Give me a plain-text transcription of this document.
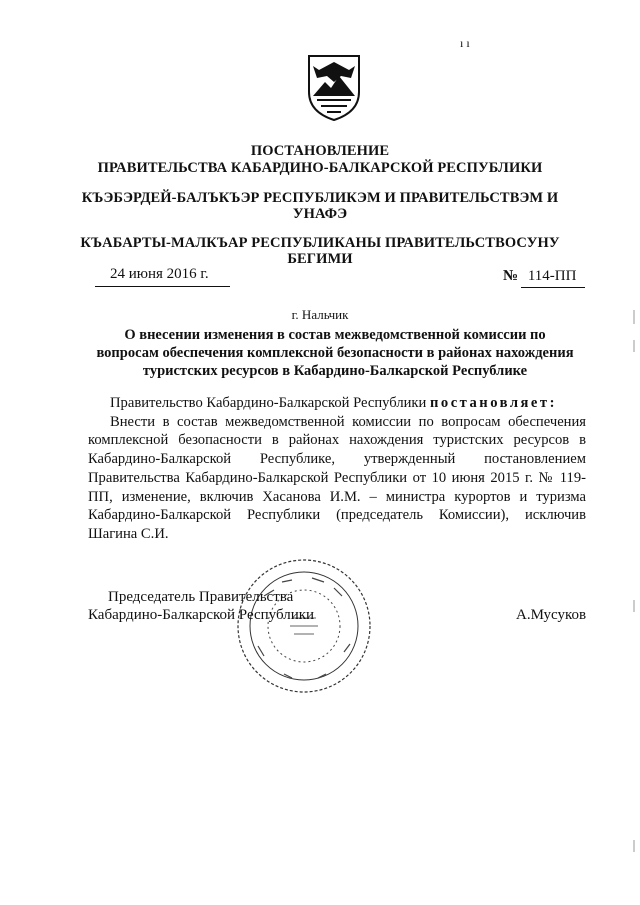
ı ı
ПОСТАНОВЛЕНИЕ
ПРАВИТЕЛЬСТВА КАБАРДИНО-БАЛКАРСКОЙ РЕСПУБЛИКИ
КЪЭБЭРДЕЙ-БАЛЪКЪЭР РЕСПУБЛИКЭМ И ПРАВИТЕЛЬСТВЭМ И
УНАФЭ
КЪАБАРТЫ-МАЛКЪАР РЕСПУБЛИКАНЫ ПРАВИТЕЛЬСТВОСУНУ
БЕГИМИ
24 июня 2016 г.	№ 114-ПП
г. Нальчик
О внесении изменения в состав межведомственной комиссии по
вопросам обеспечения комплексной безопасности в районах нахождения
туристских ресурсов в Кабардино-Балкарской Республике

Правительство Кабардино-Балкарской Республики постановляет:

Внести в состав межведомственной комиссии по вопросам обеспечения комплексной безопасности в районах нахождения туристских ресурсов в Кабардино-Балкарской Республике, утвержденный постановлением Правительства Кабардино-Балкарской Республики от 10 июня 2015 г. № 119-ПП, изменение, включив Хасанова И.М. – министра курортов и туризма Кабардино-Балкарской Республики (председатель Комиссии), исключив Шагина С.И.

Председатель Правительства
Кабардино-Балкарской Республики	А.Мусуков
